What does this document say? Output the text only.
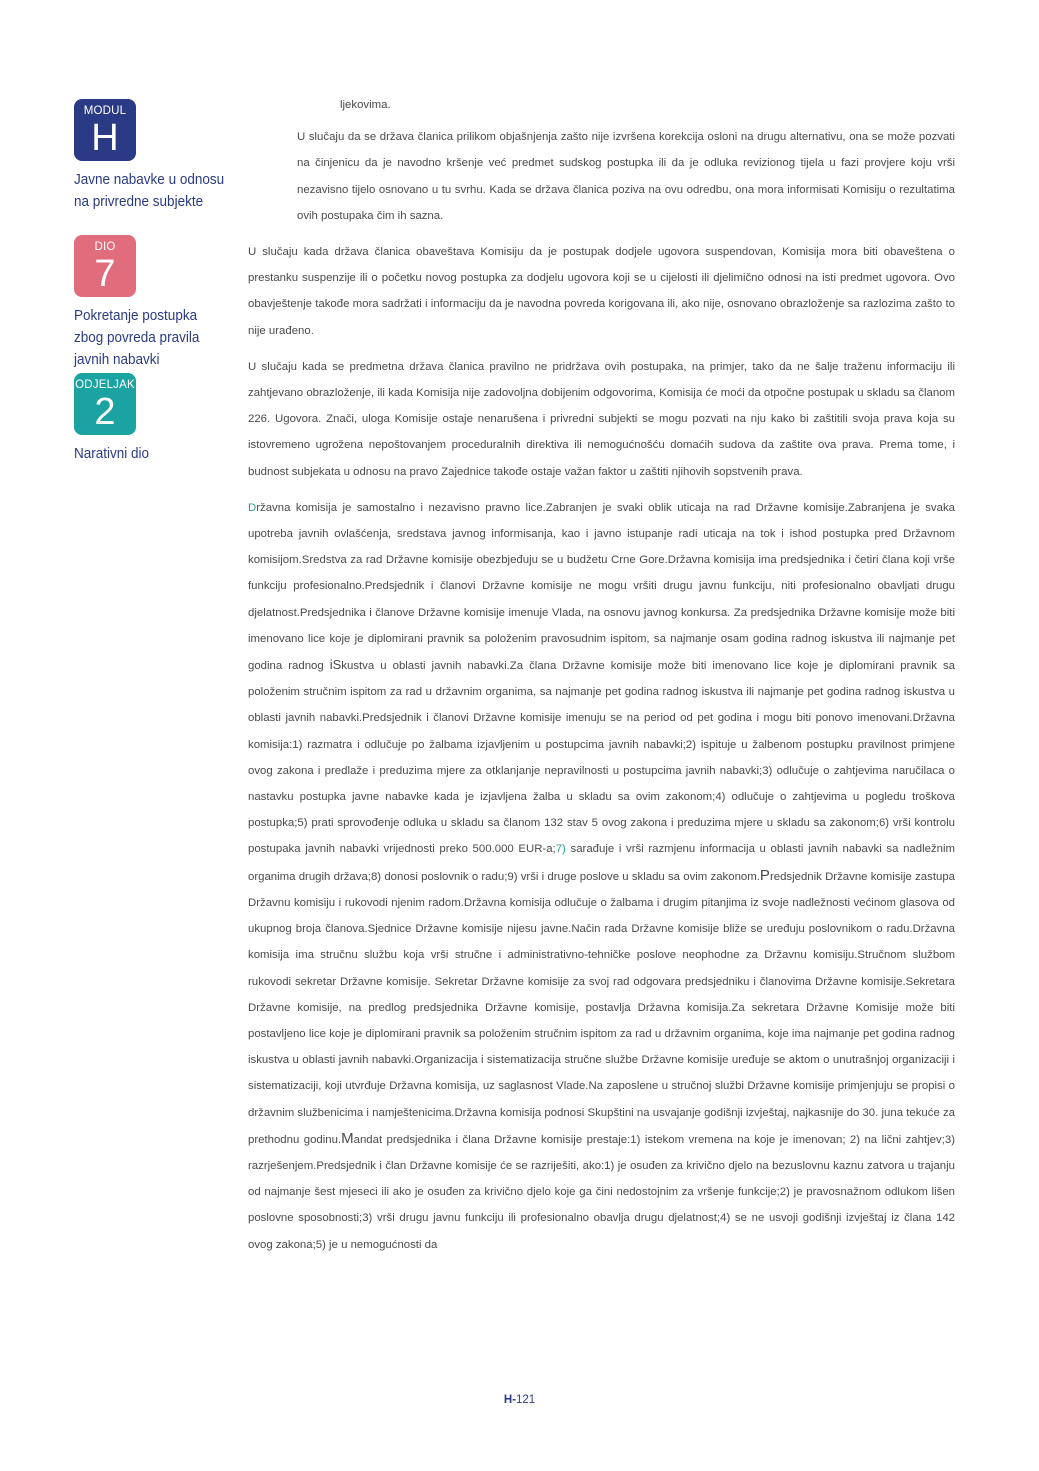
MODUL
H
Javne nabavke u odnosu
na privredne subjekte
DIO
7
Pokretanje postupka
zbog povreda pravila
javnih nabavki
ODJELJAK
2
Narativni dio

ljekovima.

U slučaju da se država članica prilikom objašnjenja zašto nije izvršena korekcija osloni na drugu alternativu, ona se može pozvati na činjenicu da je navodno kršenje već predmet sudskog postupka ili da je odluka revizionog tijela u fazi provjere koju vrši nezavisno tijelo osnovano u tu svrhu. Kada se država članica poziva na ovu odredbu, ona mora informisati Komisiju o rezultatima ovih postupaka čim ih sazna.

U slučaju kada država članica obaveštava Komisiju da je postupak dodjele ugovora suspendovan, Komisija mora biti obaveštena o prestanku suspenzije ili o početku novog postupka za dodjelu ugovora koji se u cijelosti ili djelimično odnosi na isti predmet ugovora. Ovo obavještenje takođe mora sadržati i informaciju da je navodna povreda korigovana ili, ako nije, osnovano obrazloženje sa razlozima zašto to nije urađeno.

U slučaju kada se predmetna država članica pravilno ne pridržava ovih postupaka, na primjer, tako da ne šalje traženu informaciju ili zahtjevano obrazloženje, ili kada Komisija nije zadovoljna dobijenim odgovorima, Komisija će moći da otpočne postupak u skladu sa članom 226. Ugovora. Znači, uloga Komisije ostaje nenarušena i privredni subjekti se mogu pozvati na nju kako bi zaštitili svoja prava koja su istovremeno ugrožena nepoštovanjem proceduralnih direktiva ili nemogućnošću domaćih sudova da zaštite ova prava. Prema tome, i budnost subjekata u odnosu na pravo Zajednice takođe ostaje važan faktor u zaštiti njihovih sopstvenih prava.

Državna komisija je samostalno i nezavisno pravno lice.Zabranjen je svaki oblik uticaja na rad Državne komisije.Zabranjena je svaka upotreba javnih ovlašćenja, sredstava javnog informisanja, kao i javno istupanje radi uticaja na tok i ishod postupka pred Državnom komisijom.Sredstva za rad Državne komisije obezbjeđuju se u budžetu Crne Gore.Državna komisija ima predsjednika i četiri člana koji vrše funkciju profesionalno.Predsjednik i članovi Državne komisije ne mogu vršiti drugu javnu funkciju, niti profesionalno obavljati drugu djelatnost.Predsjednika i članove Državne komisije imenuje Vlada, na osnovu javnog konkursa. Za predsjednika Državne komisije može biti imenovano lice koje je diplomirani pravnik sa položenim pravosudnim ispitom, sa najmanje osam godina radnog iskustva ili najmanje pet godina radnog iSkustva u oblasti javnih nabavki.Za člana Državne komisije može biti imenovano lice koje je diplomirani pravnik sa položenim stručnim ispitom za rad u državnim organima, sa najmanje pet godina radnog iskustva ili najmanje pet godina radnog iskustva u oblasti javnih nabavki.Predsjednik i članovi Državne komisije imenuju se na period od pet godina i mogu biti ponovo imenovani.Državna komisija:1) razmatra i odlučuje po žalbama izjavljenim u postupcima javnih nabavki;2) ispituje u žalbenom postupku pravilnost primjene ovog zakona i predlaže i preduzima mjere za otklanjanje nepravilnosti u postupcima javnih nabavki;3) odlučuje o zahtjevima naručilaca o nastavku postupka javne nabavke kada je izjavljena žalba u skladu sa ovim zakonom;4) odlučuje o zahtjevima u pogledu troškova postupka;5) prati sprovođenje odluka u skladu sa članom 132 stav 5 ovog zakona i preduzima mjere u skladu sa zakonom;6) vrši kontrolu postupaka javnih nabavki vrijednosti preko 500.000 EUR-a;7) sarađuje i vrši razmjenu informacija u oblasti javnih nabavki sa nadležnim organima drugih država;8) donosi poslovnik o radu;9) vrši i druge poslove u skladu sa ovim zakonom.Predsjednik Državne komisije zastupa Državnu komisiju i rukovodi njenim radom.Državna komisija odlučuje o žalbama i drugim pitanjima iz svoje nadležnosti većinom glasova od ukupnog broja članova.Sjednice Državne komisije nijesu javne.Način rada Državne komisije bliže se uređuju poslovnikom o radu.Državna komisija ima stručnu službu koja vrši stručne i administrativno-tehničke poslove neophodne za Državnu komisiju.Stručnom službom rukovodi sekretar Državne komisije. Sekretar Državne komisije za svoj rad odgovara predsjedniku i članovima Državne komisije.Sekretara Državne komisije, na predlog predsjednika Državne komisije, postavlja Državna komisija.Za sekretara Državne Komisije može biti postavljeno lice koje je diplomirani pravnik sa položenim stručnim ispitom za rad u državnim organima, koje ima najmanje pet godina radnog iskustva u oblasti javnih nabavki.Organizacija i sistematizacija stručne službe Državne komisije uređuje se aktom o unutrašnjoj organizaciji i sistematizaciji, koji utvrđuje Državna komisija, uz saglasnost Vlade.Na zaposlene u stručnoj službi Državne komisije primjenjuju se propisi o državnim službenicima i namještenicima.Državna komisija podnosi Skupštini na usvajanje godišnji izvještaj, najkasnije do 30. juna tekuće za prethodnu godinu.Mandat predsjednika i člana Državne komisije prestaje:1) istekom vremena na koje je imenovan; 2) na lični zahtjev;3) razrješenjem.Predsjednik i član Državne komisije će se razriješiti, ako:1) je osuđen za krivično djelo na bezuslovnu kaznu zatvora u trajanju od najmanje šest mjeseci ili ako je osuđen za krivično djelo koje ga čini nedostojnim za vršenje funkcije;2) je pravosnažnom odlukom lišen poslovne sposobnosti;3) vrši drugu javnu funkciju ili profesionalno obavlja drugu djelatnost;4) se ne usvoji godišnji izvještaj iz člana 142 ovog zakona;5) je u nemogućnosti da

H-121
